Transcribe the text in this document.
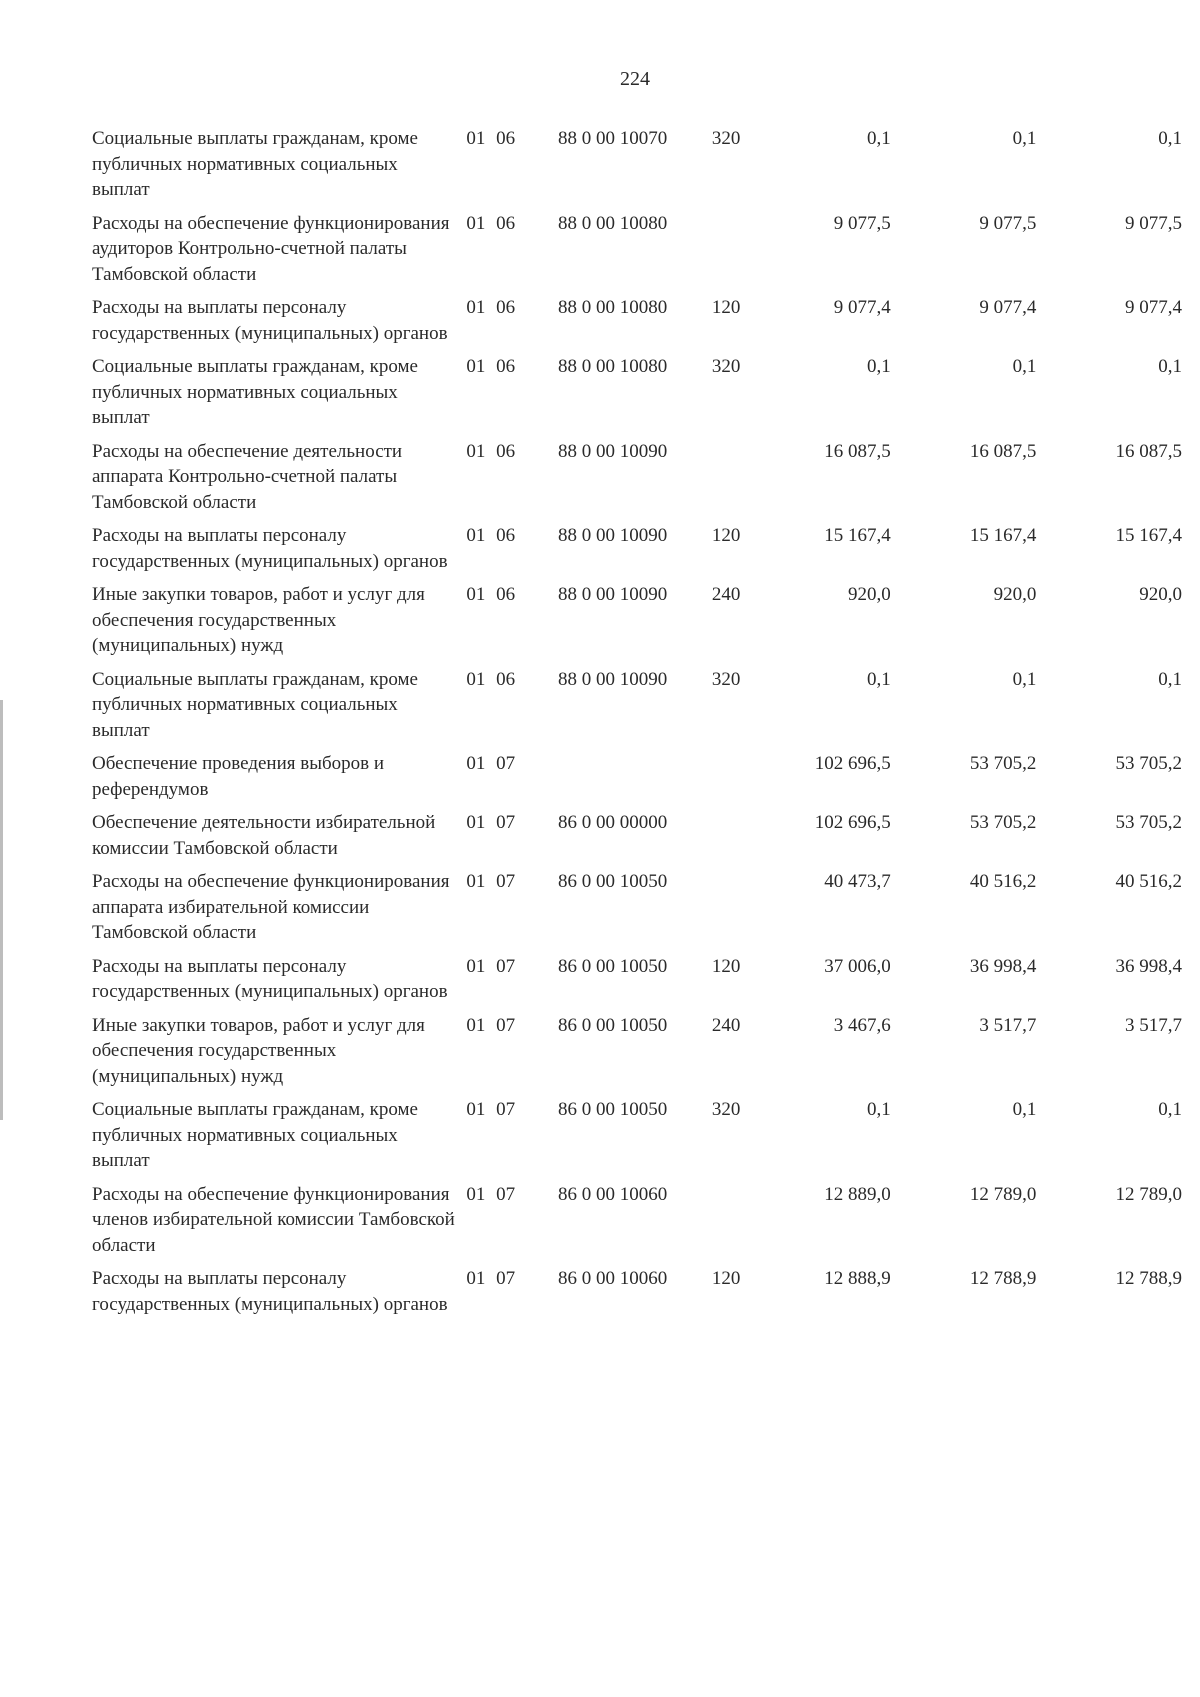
224
Социальные выплаты гражданам, кроме публичных нормативных социальных выплат	01 06	88 0 00 10070	320	0,1	0,1	0,1
Расходы на обеспечение функционирования аудиторов Контрольно-счетной палаты Тамбовской области	01 06	88 0 00 10080		9 077,5	9 077,5	9 077,5
Расходы на выплаты персоналу государственных (муниципальных) органов	01 06	88 0 00 10080	120	9 077,4	9 077,4	9 077,4
Социальные выплаты гражданам, кроме публичных нормативных социальных выплат	01 06	88 0 00 10080	320	0,1	0,1	0,1
Расходы на обеспечение деятельности аппарата Контрольно-счетной палаты Тамбовской области	01 06	88 0 00 10090		16 087,5	16 087,5	16 087,5
Расходы на выплаты персоналу государственных (муниципальных) органов	01 06	88 0 00 10090	120	15 167,4	15 167,4	15 167,4
Иные закупки товаров, работ и услуг для обеспечения государственных (муниципальных) нужд	01 06	88 0 00 10090	240	920,0	920,0	920,0
Социальные выплаты гражданам, кроме публичных нормативных социальных выплат	01 06	88 0 00 10090	320	0,1	0,1	0,1
Обеспечение проведения выборов и референдумов	01 07			102 696,5	53 705,2	53 705,2
Обеспечение деятельности избирательной комиссии Тамбовской области	01 07	86 0 00 00000		102 696,5	53 705,2	53 705,2
Расходы на обеспечение функционирования аппарата избирательной комиссии Тамбовской области	01 07	86 0 00 10050		40 473,7	40 516,2	40 516,2
Расходы на выплаты персоналу государственных (муниципальных) органов	01 07	86 0 00 10050	120	37 006,0	36 998,4	36 998,4
Иные закупки товаров, работ и услуг для обеспечения государственных (муниципальных) нужд	01 07	86 0 00 10050	240	3 467,6	3 517,7	3 517,7
Социальные выплаты гражданам, кроме публичных нормативных социальных выплат	01 07	86 0 00 10050	320	0,1	0,1	0,1
Расходы на обеспечение функционирования членов избирательной комиссии Тамбовской области	01 07	86 0 00 10060		12 889,0	12 789,0	12 789,0
Расходы на выплаты персоналу государственных (муниципальных) органов	01 07	86 0 00 10060	120	12 888,9	12 788,9	12 788,9
